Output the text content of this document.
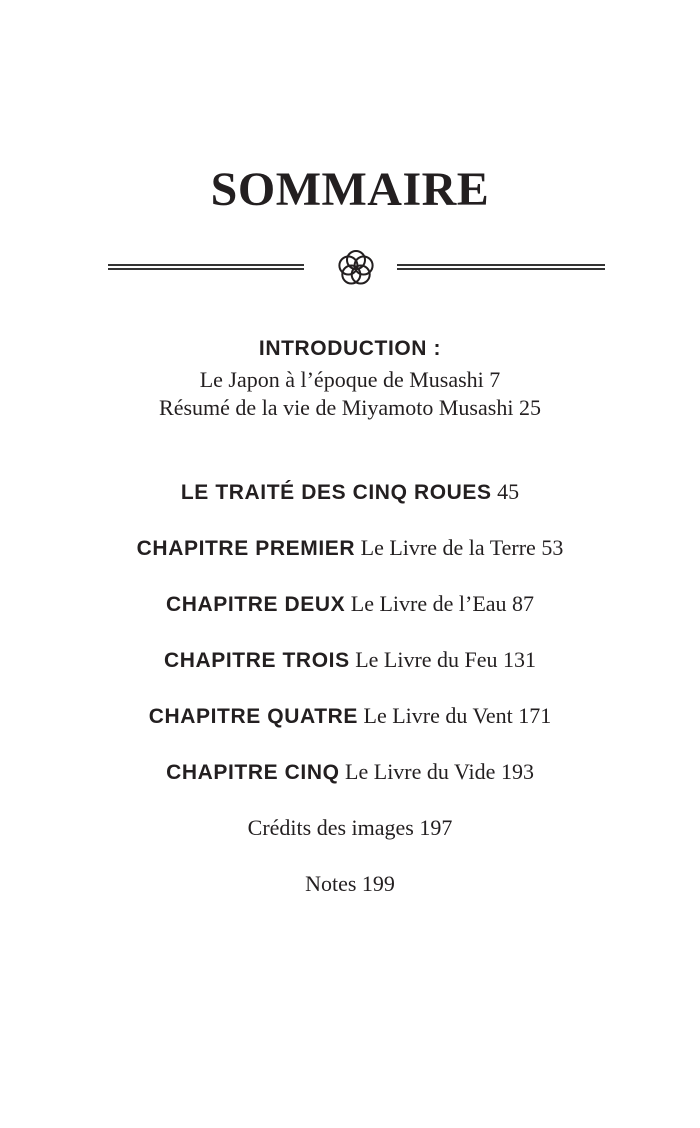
SOMMAIRE
INTRODUCTION :
Le Japon à l’époque de Musashi 7
Résumé de la vie de Miyamoto Musashi 25
LE TRAITÉ DES CINQ ROUES 45
CHAPITRE PREMIER Le Livre de la Terre 53
CHAPITRE DEUX Le Livre de l’Eau 87
CHAPITRE TROIS Le Livre du Feu 131
CHAPITRE QUATRE Le Livre du Vent 171
CHAPITRE CINQ Le Livre du Vide 193
Crédits des images 197
Notes 199
